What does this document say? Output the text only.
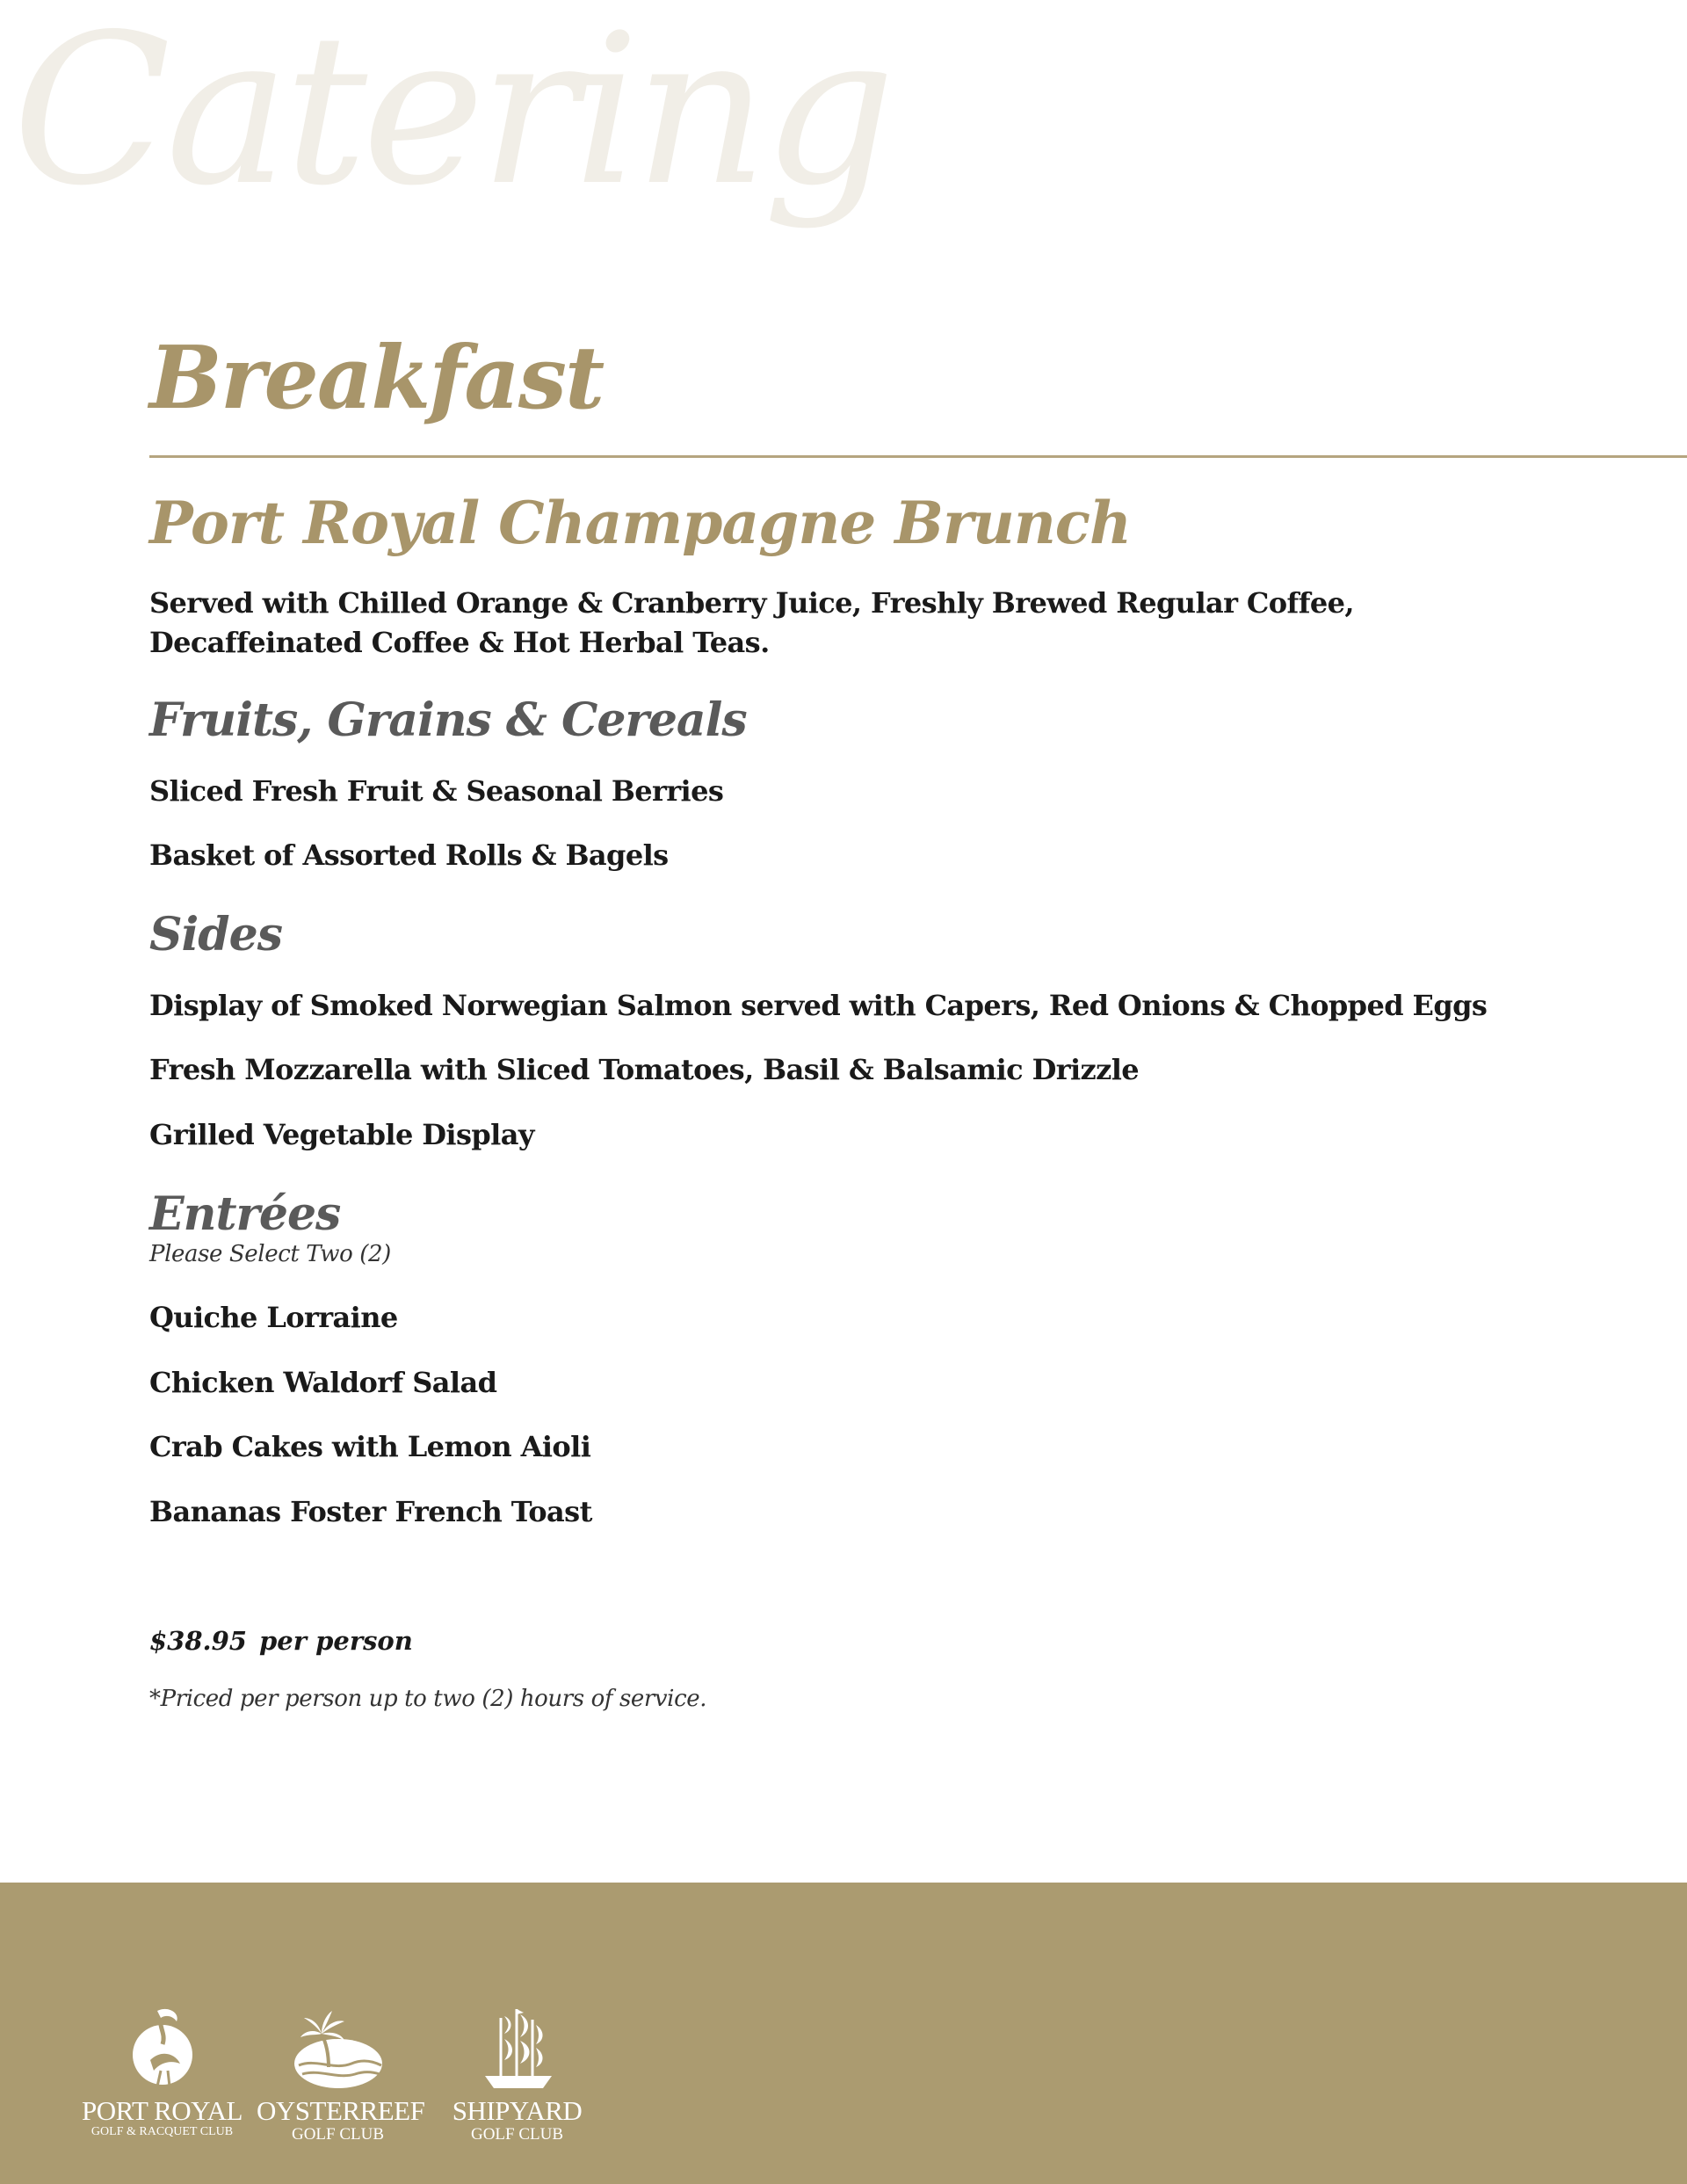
Catering
Breakfast
Port Royal Champagne Brunch
Served with Chilled Orange & Cranberry Juice, Freshly Brewed Regular Coffee,
Decaffeinated Coffee & Hot Herbal Teas.
Fruits, Grains & Cereals
Sliced Fresh Fruit & Seasonal Berries
Basket of Assorted Rolls & Bagels
Sides
Display of Smoked Norwegian Salmon served with Capers, Red Onions & Chopped Eggs
Fresh Mozzarella with Sliced Tomatoes, Basil & Balsamic Drizzle
Grilled Vegetable Display
Entrées
Please Select Two (2)
Quiche Lorraine
Chicken Waldorf Salad
Crab Cakes with Lemon Aioli
Bananas Foster French Toast
$38.95 per person
*Priced per person up to two (2) hours of service.
PORT ROYAL
GOLF & RACQUET CLUB
OYSTERREEF
GOLF CLUB
SHIPYARD
GOLF CLUB
